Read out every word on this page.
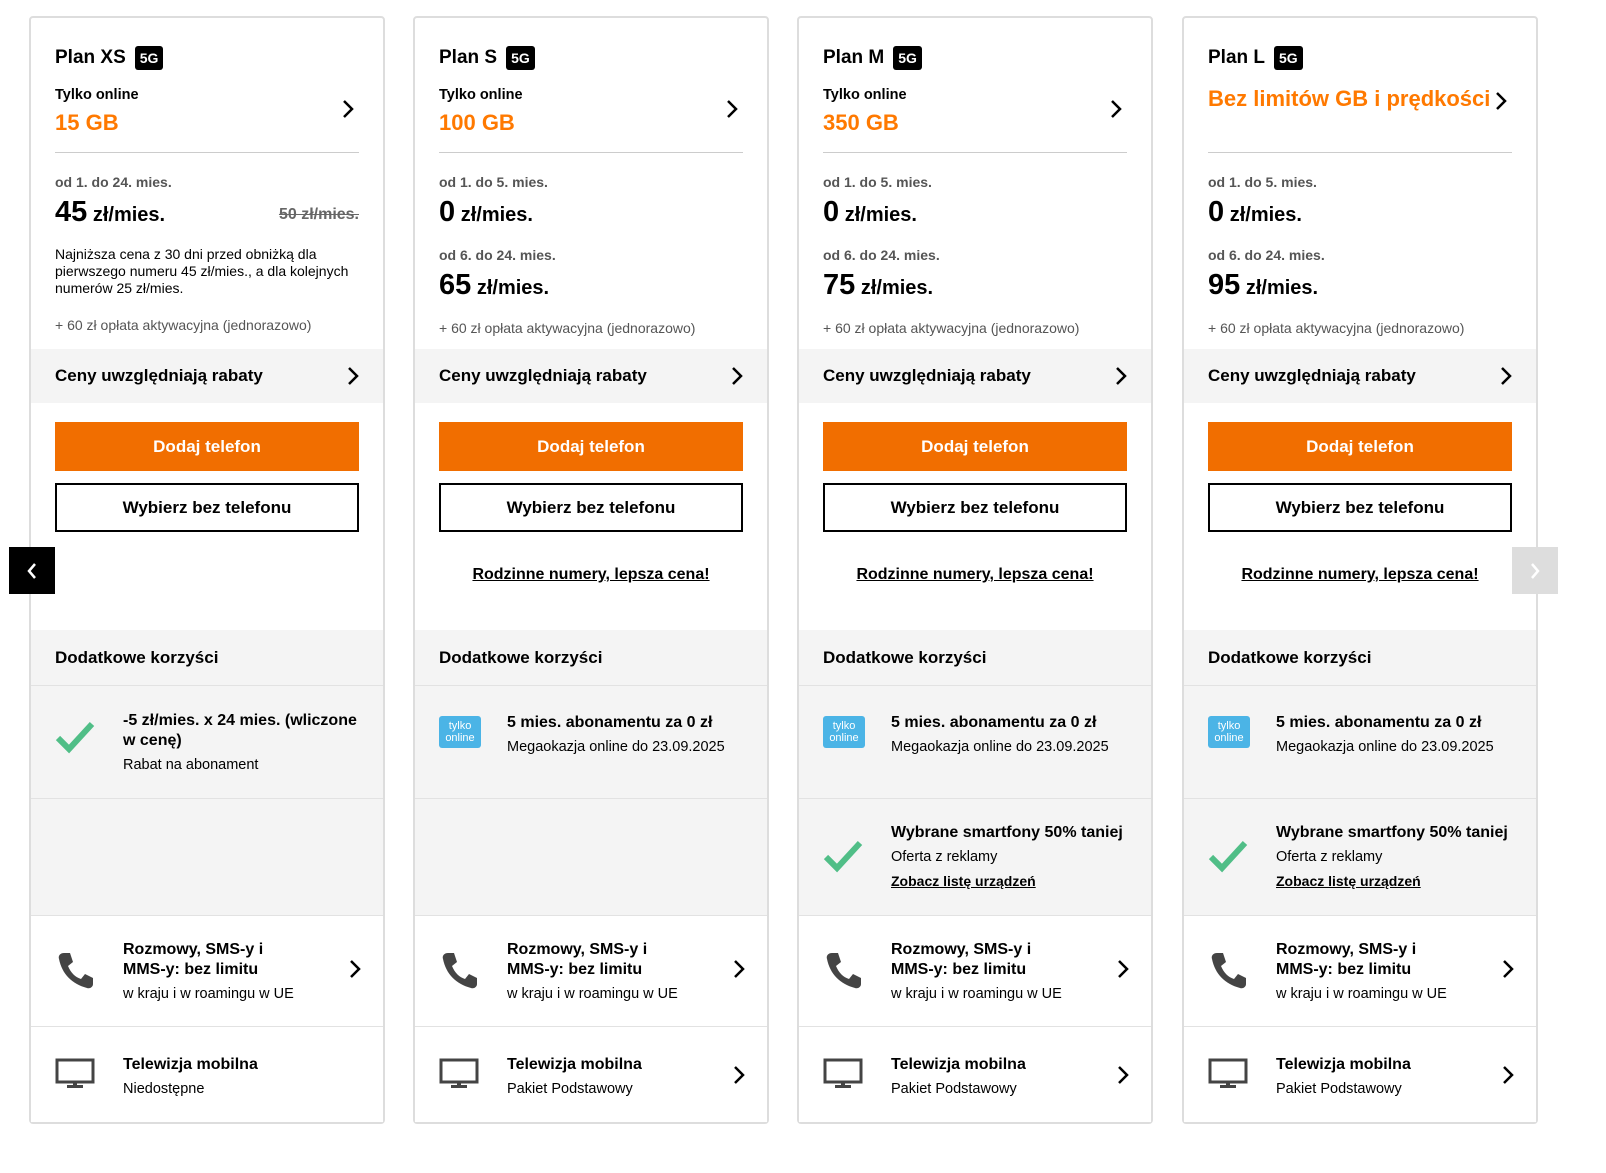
Plan XS	5G
Tylko online
15 GB
od 1. do 24. mies.
45 zł/mies.	50 zł/mies.
Najniższa cena z 30 dni przed obniżką dla pierwszego numeru 45 zł/mies., a dla kolejnych numerów 25 zł/mies.
+ 60 zł opłata aktywacyjna (jednorazowo)
Ceny uwzględniają rabaty
Dodaj telefon
Wybierz bez telefonu
Dodatkowe korzyści
-5 zł/mies. x 24 mies. (wliczone w cenę)
Rabat na abonament
Rozmowy, SMS-y i
MMS-y: bez limitu
w kraju i w roamingu w UE
Telewizja mobilna
Niedostępne
Plan S	5G
Tylko online
100 GB
od 1. do 5. mies.
0 zł/mies.
od 6. do 24. mies.
65 zł/mies.
+ 60 zł opłata aktywacyjna (jednorazowo)
Ceny uwzględniają rabaty
Dodaj telefon
Wybierz bez telefonu
Rodzinne numery, lepsza cena!
Dodatkowe korzyści
tylko
online
5 mies. abonamentu za 0 zł
Megaokazja online do 23.09.2025
Rozmowy, SMS-y i
MMS-y: bez limitu
w kraju i w roamingu w UE
Telewizja mobilna
Pakiet Podstawowy
Plan M	5G
Tylko online
350 GB
od 1. do 5. mies.
0 zł/mies.
od 6. do 24. mies.
75 zł/mies.
+ 60 zł opłata aktywacyjna (jednorazowo)
Ceny uwzględniają rabaty
Dodaj telefon
Wybierz bez telefonu
Rodzinne numery, lepsza cena!
Dodatkowe korzyści
tylko
online
5 mies. abonamentu za 0 zł
Megaokazja online do 23.09.2025
Wybrane smartfony 50% taniej
Oferta z reklamy
Zobacz listę urządzeń
Rozmowy, SMS-y i
MMS-y: bez limitu
w kraju i w roamingu w UE
Telewizja mobilna
Pakiet Podstawowy
Plan L	5G
Bez limitów GB i prędkości
od 1. do 5. mies.
0 zł/mies.
od 6. do 24. mies.
95 zł/mies.
+ 60 zł opłata aktywacyjna (jednorazowo)
Ceny uwzględniają rabaty
Dodaj telefon
Wybierz bez telefonu
Rodzinne numery, lepsza cena!
Dodatkowe korzyści
tylko
online
5 mies. abonamentu za 0 zł
Megaokazja online do 23.09.2025
Wybrane smartfony 50% taniej
Oferta z reklamy
Zobacz listę urządzeń
Rozmowy, SMS-y i
MMS-y: bez limitu
w kraju i w roamingu w UE
Telewizja mobilna
Pakiet Podstawowy
